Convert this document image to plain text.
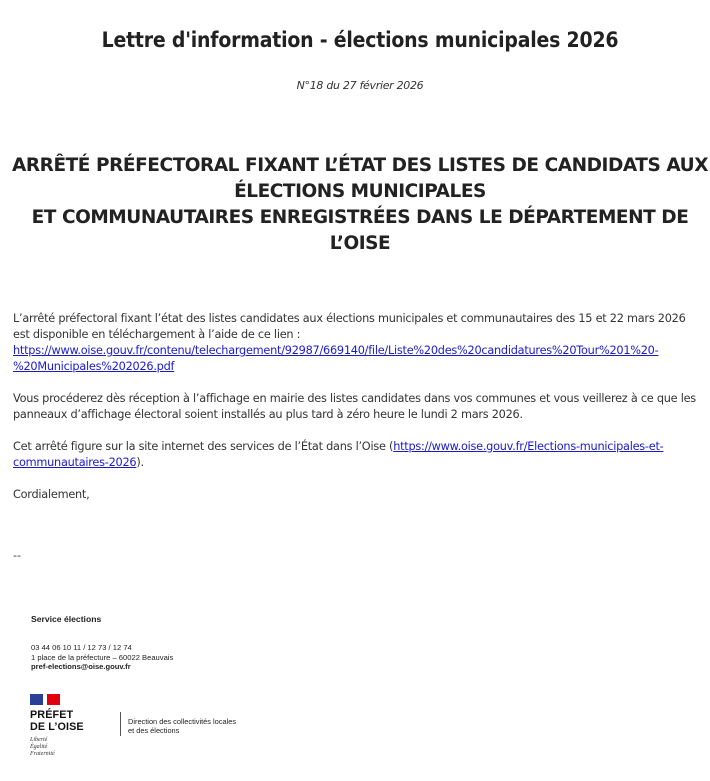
Lettre d'information - élections municipales 2026
N°18 du 27 février 2026
ARRÊTÉ PRÉFECTORAL FIXANT L’ÉTAT DES LISTES DE CANDIDATS AUX
ÉLECTIONS MUNICIPALES
ET COMMUNAUTAIRES ENREGISTRÉES DANS LE DÉPARTEMENT DE
L’OISE
L’arrêté préfectoral fixant l’état des listes candidates aux élections municipales et communautaires des 15 et 22 mars 2026 est disponible en téléchargement à l’aide de ce lien : https://www.oise.gouv.fr/contenu/telechargement/92987/669140/file/Liste%20des%20candidatures%20Tour%201%20-
%20Municipales%202026.pdf
Vous procéderez dès réception à l’affichage en mairie des listes candidates dans vos communes et vous veillerez à ce que les panneaux d’affichage électoral soient installés au plus tard à zéro heure le lundi 2 mars 2026.
Cet arrêté figure sur la site internet des services de l’État dans l’Oise (https://www.oise.gouv.fr/Elections-municipales-et-communautaires-2026).
Cordialement,
--
Service élections
03 44 06 10 11 / 12 73 / 12 74
1 place de la préfecture – 60022 Beauvais
pref-elections@oise.gouv.fr
PRÉFET
DE L’OISE
Liberté
Égalité
Fraternité
Direction des collectivités locales
et des élections
